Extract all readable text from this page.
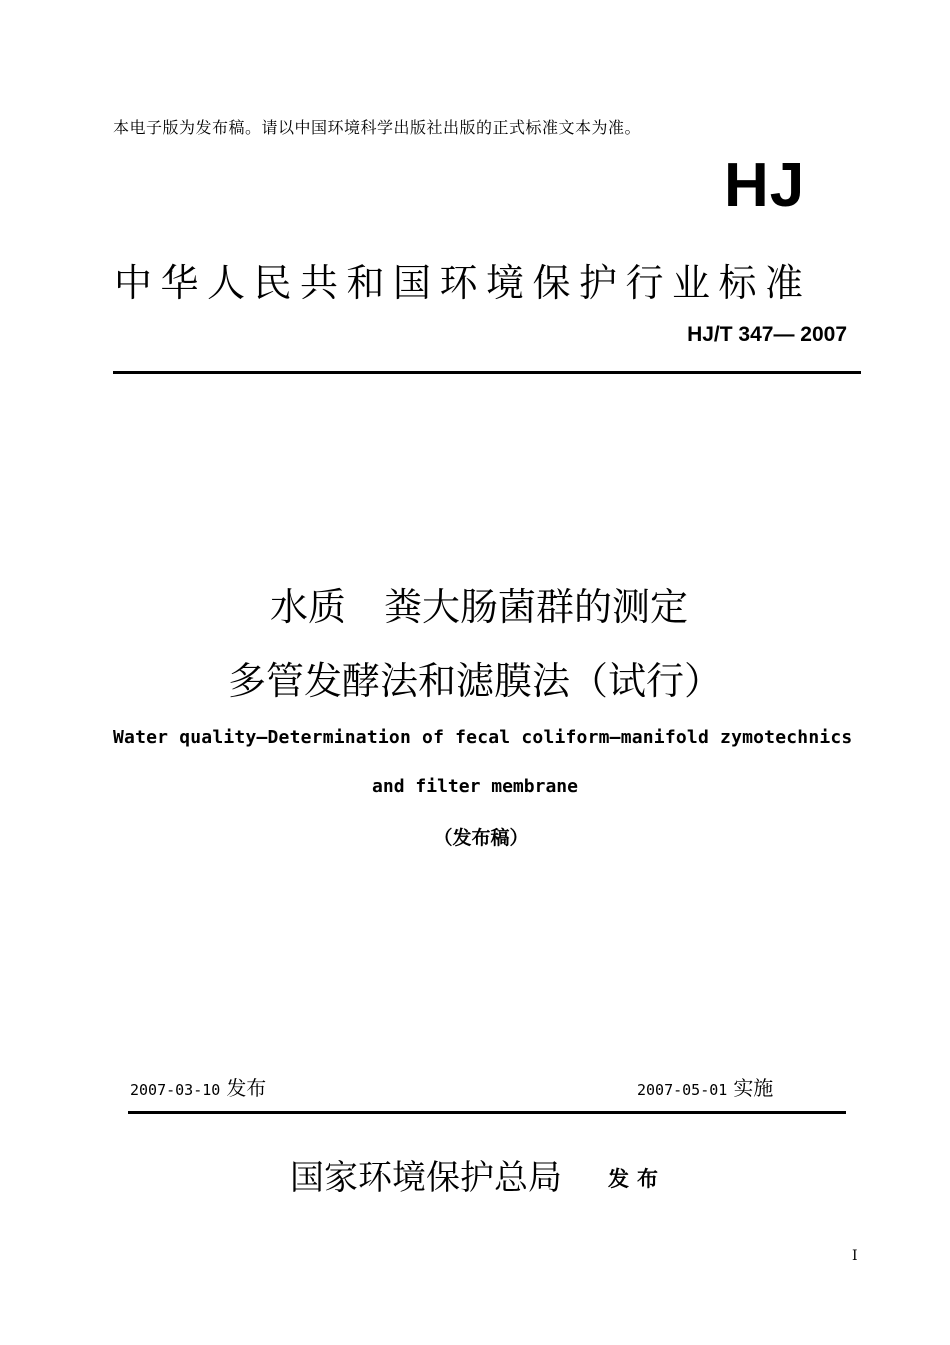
本电子版为发布稿。请以中国环境科学出版社出版的正式标准文本为准。
HJ
中华人民共和国环境保护行业标准
HJ/T 347— 2007
水质 粪大肠菌群的测定
多管发酵法和滤膜法（试行）
Water quality—Determination of fecal coliform—manifold zymotechnics
and filter membrane
（发布稿）
2007-03-10 发布	2007-05-01 实施
国家环境保护总局 发布
I
